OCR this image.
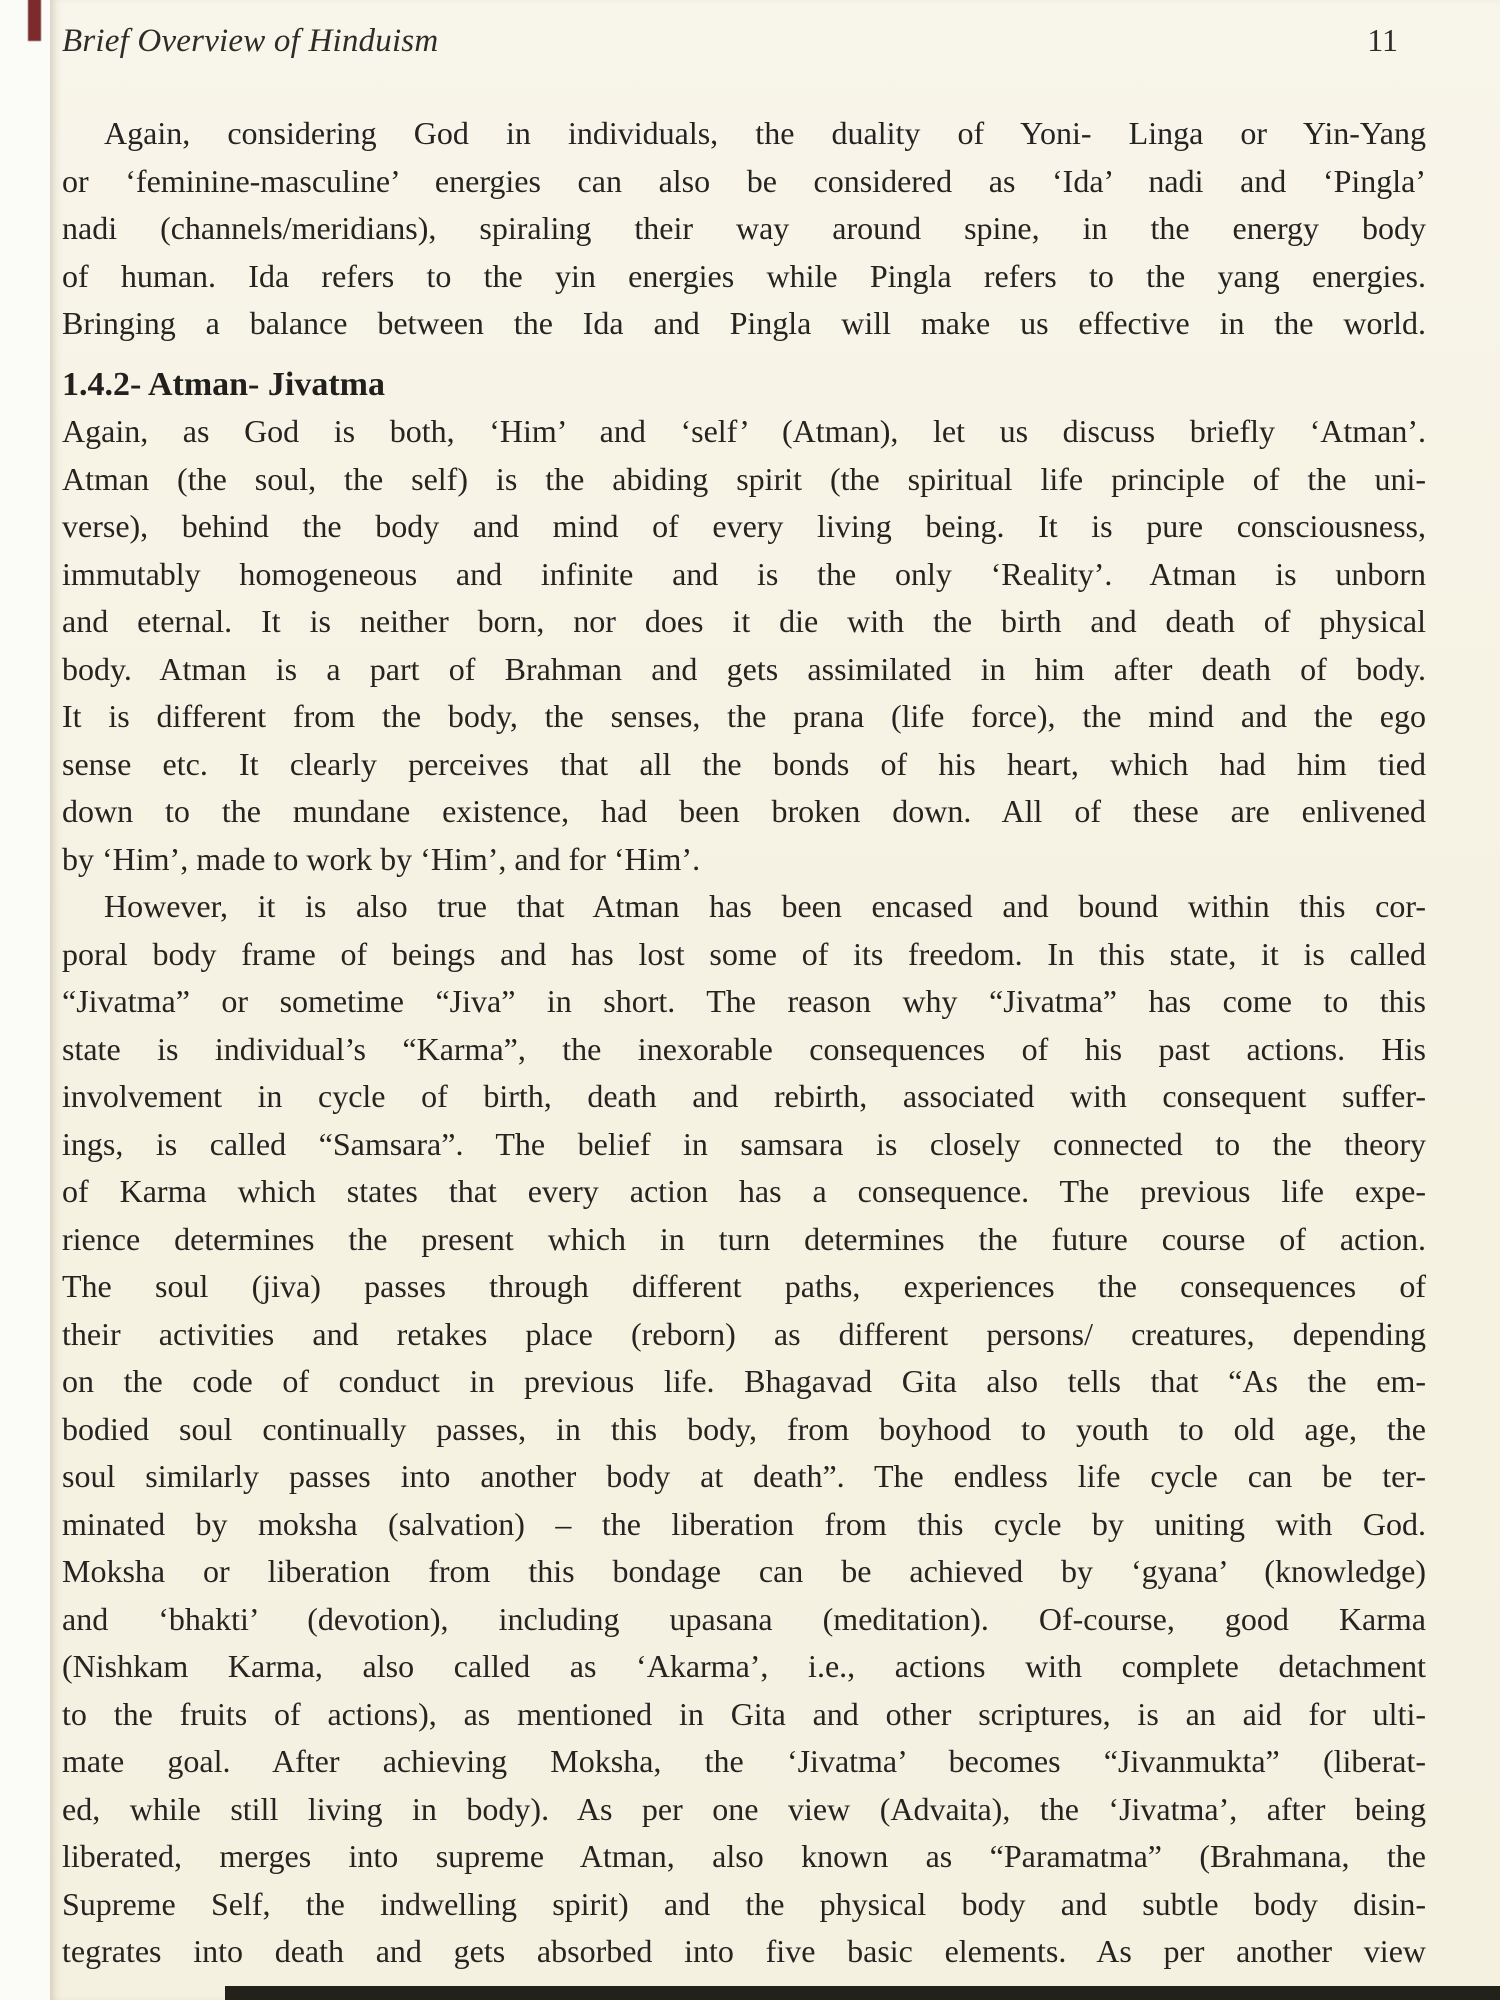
Brief Overview of Hinduism	11
Again, considering God in individuals, the duality of Yoni- Linga or Yin-Yang
or ‘feminine-masculine’ energies can also be considered as ‘Ida’ nadi and ‘Pingla’
nadi (channels/meridians), spiraling their way around spine, in the energy body
of human. Ida refers to the yin energies while Pingla refers to the yang energies.
Bringing a balance between the Ida and Pingla will make us effective in the world.
1.4.2- Atman- Jivatma
Again, as God is both, ‘Him’ and ‘self’ (Atman), let us discuss briefly ‘Atman’.
Atman (the soul, the self) is the abiding spirit (the spiritual life principle of the uni-
verse), behind the body and mind of every living being. It is pure consciousness,
immutably homogeneous and infinite and is the only ‘Reality’. Atman is unborn
and eternal. It is neither born, nor does it die with the birth and death of physical
body. Atman is a part of Brahman and gets assimilated in him after death of body.
It is different from the body, the senses, the prana (life force), the mind and the ego
sense etc. It clearly perceives that all the bonds of his heart, which had him tied
down to the mundane existence, had been broken down. All of these are enlivened
by ‘Him’, made to work by ‘Him’, and for ‘Him’.
However, it is also true that Atman has been encased and bound within this cor-
poral body frame of beings and has lost some of its freedom. In this state, it is called
“Jivatma” or sometime “Jiva” in short. The reason why “Jivatma” has come to this
state is individual’s “Karma”, the inexorable consequences of his past actions. His
involvement in cycle of birth, death and rebirth, associated with consequent suffer-
ings, is called “Samsara”. The belief in samsara is closely connected to the theory
of Karma which states that every action has a consequence. The previous life expe-
rience determines the present which in turn determines the future course of action.
The soul (jiva) passes through different paths, experiences the consequences of
their activities and retakes place (reborn) as different persons/ creatures, depending
on the code of conduct in previous life. Bhagavad Gita also tells that “As the em-
bodied soul continually passes, in this body, from boyhood to youth to old age, the
soul similarly passes into another body at death”. The endless life cycle can be ter-
minated by moksha (salvation) – the liberation from this cycle by uniting with God.
Moksha or liberation from this bondage can be achieved by ‘gyana’ (knowledge)
and ‘bhakti’ (devotion), including upasana (meditation). Of-course, good Karma
(Nishkam Karma, also called as ‘Akarma’, i.e., actions with complete detachment
to the fruits of actions), as mentioned in Gita and other scriptures, is an aid for ulti-
mate goal. After achieving Moksha, the ‘Jivatma’ becomes “Jivanmukta” (liberat-
ed, while still living in body). As per one view (Advaita), the ‘Jivatma’, after being
liberated, merges into supreme Atman, also known as “Paramatma” (Brahmana, the
Supreme Self, the indwelling spirit) and the physical body and subtle body disin-
tegrates into death and gets absorbed into five basic elements. As per another view
